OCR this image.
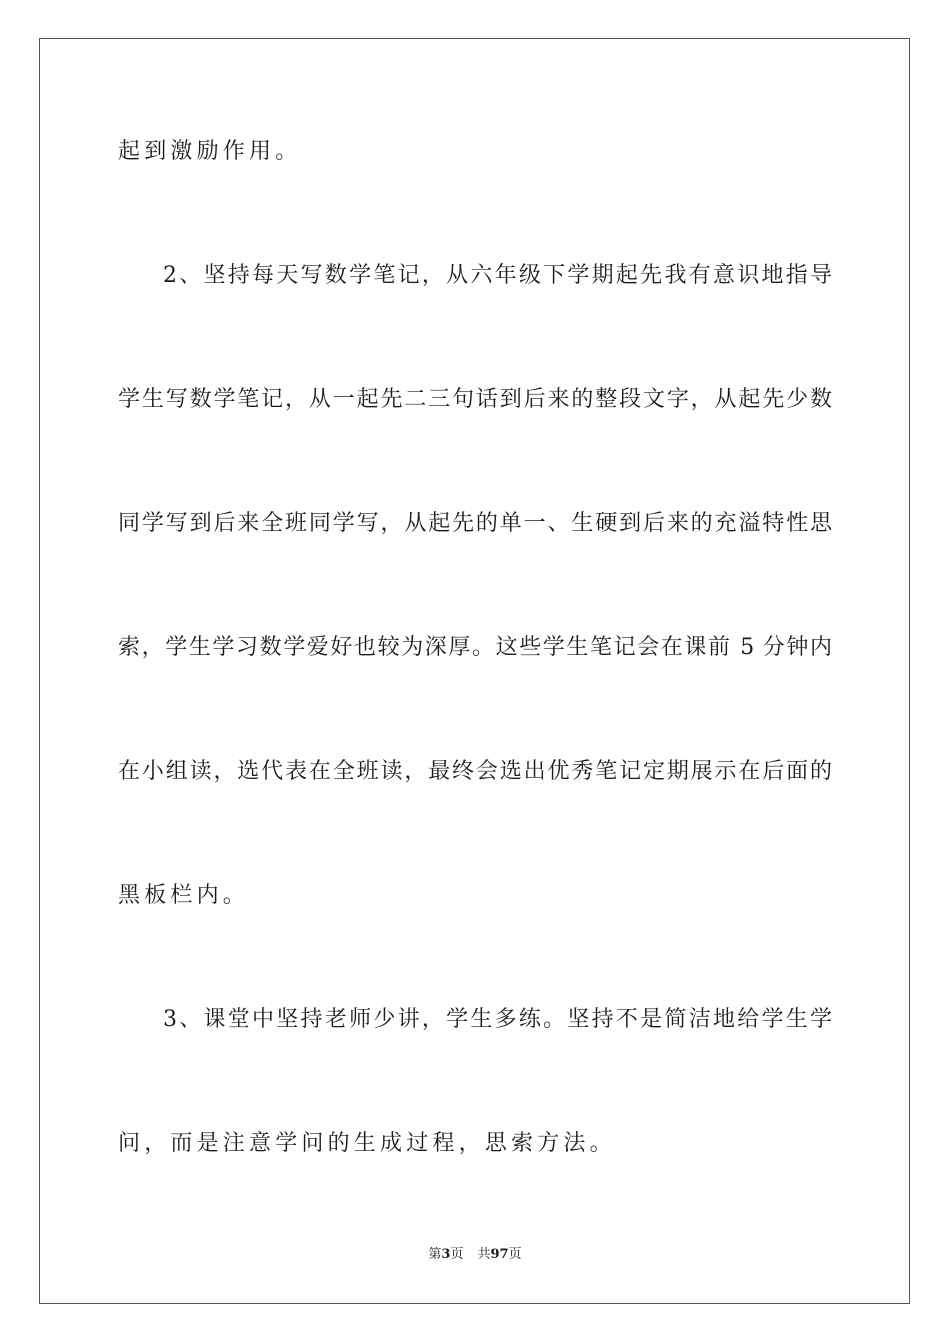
起到激励作用。
2、坚持每天写数学笔记，从六年级下学期起先我有意识地指导
学生写数学笔记，从一起先二三句话到后来的整段文字，从起先少数
同学写到后来全班同学写，从起先的单一、生硬到后来的充溢特性思
索，学生学习数学爱好也较为深厚。这些学生笔记会在课前 5 分钟内
在小组读，选代表在全班读，最终会选出优秀笔记定期展示在后面的
黑板栏内。
3、课堂中坚持老师少讲，学生多练。坚持不是简洁地给学生学
问，而是注意学问的生成过程，思索方法。
第3页 共97页
